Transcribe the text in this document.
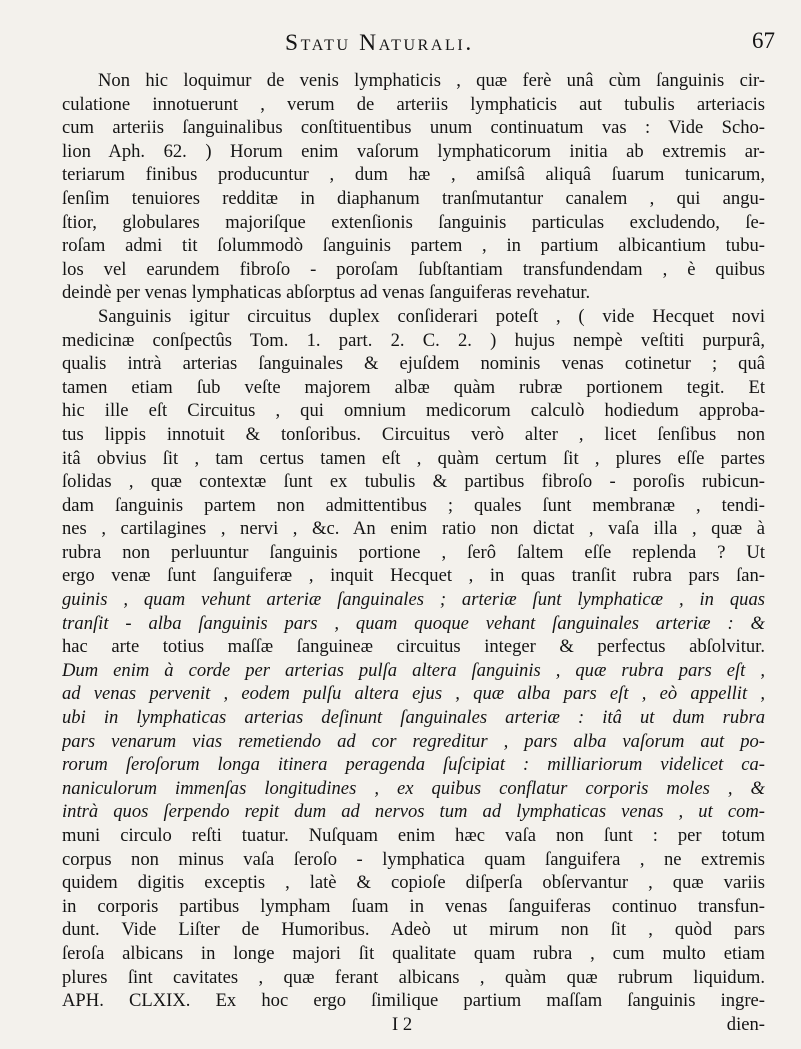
Statu Naturali.	67
Non hic loquimur de venis lymphaticis , quæ ferè unâ cùm ſanguinis cir-
culatione innotuerunt , verum de arteriis lymphaticis aut tubulis arteriacis
cum arteriis ſanguinalibus conſtituentibus unum continuatum vas : Vide Scho-
lion Aph. 62. ) Horum enim vaſorum lymphaticorum initia ab extremis ar-
teriarum finibus producuntur , dum hæ , amiſsâ aliquâ ſuarum tunicarum,
ſenſim tenuiores redditæ in diaphanum tranſmutantur canalem , qui angu-
ſtior, globulares majoriſque extenſionis ſanguinis particulas excludendo, ſe-
roſam admi tit ſolummodò ſanguinis partem , in partium albicantium tubu-
los vel earundem fibroſo - poroſam ſubſtantiam transfundendam , è quibus
deindè per venas lymphaticas abſorptus ad venas ſanguiferas revehatur.
Sanguinis igitur circuitus duplex conſiderari poteſt , ( vide Hecquet novi
medicinæ conſpectûs Tom. 1. part. 2. C. 2. ) hujus nempè veſtiti purpurâ,
qualis intrà arterias ſanguinales & ejuſdem nominis venas cotinetur ; quâ
tamen etiam ſub veſte majorem albæ quàm rubræ portionem tegit. Et
hic ille eſt Circuitus , qui omnium medicorum calculò hodiedum approba-
tus lippis innotuit & tonſoribus. Circuitus verò alter , licet ſenſibus non
itâ obvius ſit , tam certus tamen eſt , quàm certum ſit , plures eſſe partes
ſolidas , quæ contextæ ſunt ex tubulis & partibus fibroſo - poroſis rubicun-
dam ſanguinis partem non admittentibus ; quales ſunt membranæ , tendi-
nes , cartilagines , nervi , &c. An enim ratio non dictat , vaſa illa , quæ à
rubra non perluuntur ſanguinis portione , ſerô ſaltem eſſe replenda ? Ut
ergo venæ ſunt ſanguiferæ , inquit Hecquet , in quas tranſit rubra pars ſan-
guinis , quam vehunt arteriæ ſanguinales ; arteriæ ſunt lymphaticæ , in quas
tranſit - alba ſanguinis pars , quam quoque vehant ſanguinales arteriæ : &
hac arte totius maſſæ ſanguineæ circuitus integer & perfectus abſolvitur.
Dum enim à corde per arterias pulſa altera ſanguinis , quæ rubra pars eſt ,
ad venas pervenit , eodem pulſu altera ejus , quæ alba pars eſt , eò appellit ,
ubi in lymphaticas arterias deſinunt ſanguinales arteriæ : itâ ut dum rubra
pars venarum vias remetiendo ad cor regreditur , pars alba vaſorum aut po-
rorum ſeroſorum longa itinera peragenda ſuſcipiat : milliariorum videlicet ca-
naniculorum immenſas longitudines , ex quibus conflatur corporis moles , &
intrà quos ſerpendo repit dum ad nervos tum ad lymphaticas venas , ut com-
muni circulo reſti tuatur. Nuſquam enim hæc vaſa non ſunt : per totum
corpus non minus vaſa ſeroſo - lymphatica quam ſanguifera , ne extremis
quidem digitis exceptis , latè & copioſe diſperſa obſervantur , quæ variis
in corporis partibus lympham ſuam in venas ſanguiferas continuo transfun-
dunt. Vide Liſter de Humoribus. Adeò ut mirum non ſit , quòd pars
ſeroſa albicans in longe majori ſit qualitate quam rubra , cum multo etiam
plures ſint cavitates , quæ ferant albicans , quàm quæ rubrum liquidum.
APH. CLXIX. Ex hoc ergo ſimilique partium maſſam ſanguinis ingre-
I 2	dien-
